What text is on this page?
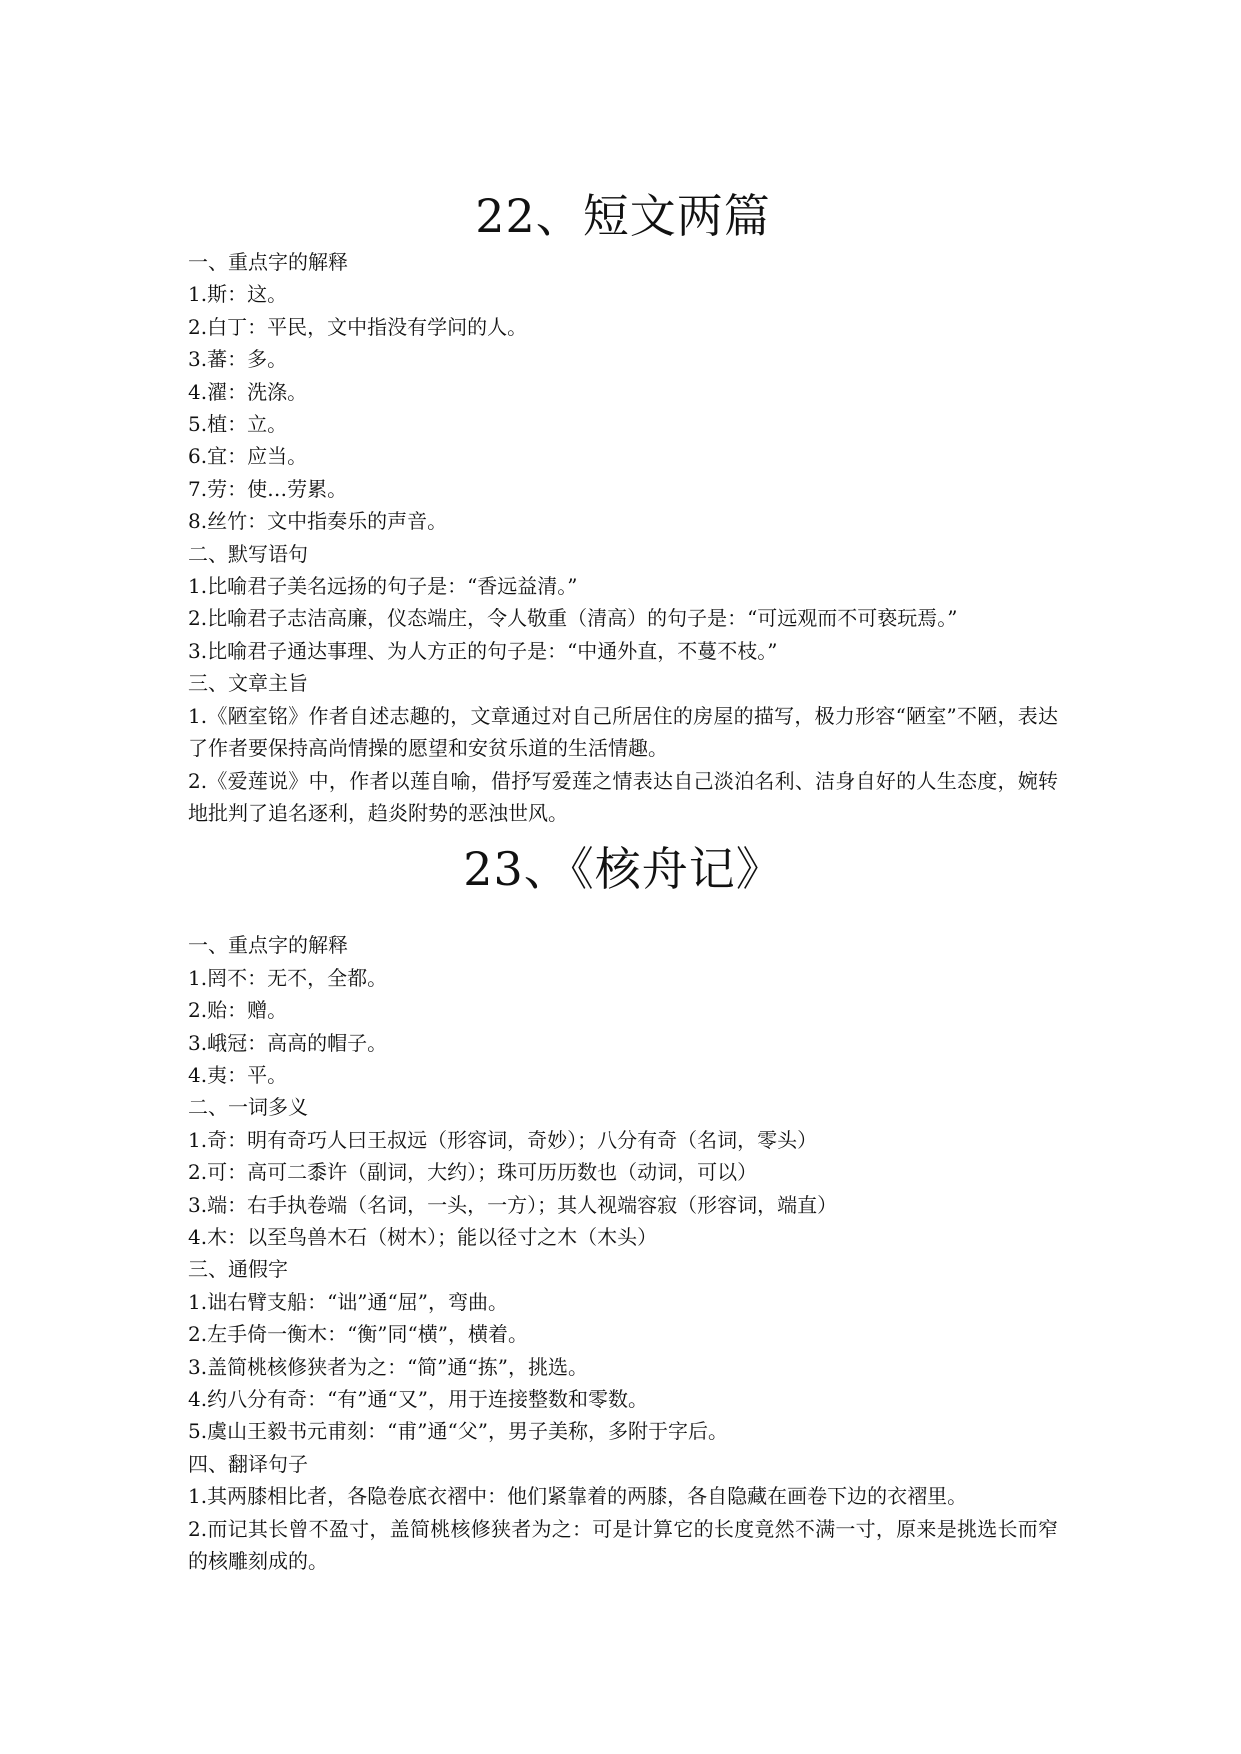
22、短文两篇

一、重点字的解释

1.斯：这。

2.白丁：平民，文中指没有学问的人。

3.蕃：多。

4.濯：洗涤。

5.植：立。

6.宜：应当。

7.劳：使…劳累。

8.丝竹：文中指奏乐的声音。

二、默写语句

1.比喻君子美名远扬的句子是：“香远益清。”

2.比喻君子志洁高廉，仪态端庄，令人敬重（清高）的句子是：“可远观而不可亵玩焉。”

3.比喻君子通达事理、为人方正的句子是：“中通外直，不蔓不枝。”

三、文章主旨

1.《陋室铭》作者自述志趣的，文章通过对自己所居住的房屋的描写，极力形容“陋室”不陋，表达了作者要保持高尚情操的愿望和安贫乐道的生活情趣。

2.《爱莲说》中，作者以莲自喻，借抒写爱莲之情表达自己淡泊名利、洁身自好的人生态度，婉转地批判了追名逐利，趋炎附势的恶浊世风。

23、《核舟记》

一、重点字的解释

1.罔不：无不，全都。

2.贻：赠。

3.峨冠：高高的帽子。

4.夷：平。

二、一词多义

1.奇：明有奇巧人曰王叔远（形容词，奇妙）；八分有奇（名词，零头）

2.可：高可二黍许（副词，大约）；珠可历历数也（动词，可以）

3.端：右手执卷端（名词，一头，一方）；其人视端容寂（形容词，端直）

4.木：以至鸟兽木石（树木）；能以径寸之木（木头）

三、通假字

1.诎右臂支船：“诎”通“屈”，弯曲。

2.左手倚一衡木：“衡”同“横”，横着。

3.盖简桃核修狭者为之：“简”通“拣”，挑选。

4.约八分有奇：“有”通“又”，用于连接整数和零数。

5.虞山王毅书元甫刻：“甫”通“父”，男子美称，多附于字后。

四、翻译句子

1.其两膝相比者，各隐卷底衣褶中：他们紧靠着的两膝，各自隐藏在画卷下边的衣褶里。

2.而记其长曾不盈寸，盖简桃核修狭者为之：可是计算它的长度竟然不满一寸，原来是挑选长而窄的核雕刻成的。
